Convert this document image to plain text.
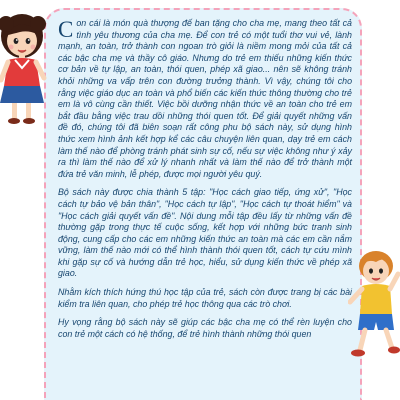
Con cái là món quà thượng đế ban tặng cho cha mẹ, mang theo tất cả tình yêu thương của cha mẹ. Để con trẻ có một tuổi thơ vui vẻ, lành mạnh, an toàn, trở thành con ngoan trò giỏi là niềm mong mỏi của tất cả các bậc cha mẹ và thầy cô giáo. Nhưng do trẻ em thiếu những kiến thức cơ bản về tự lập, an toàn, thói quen, phép xã giao... nên sẽ không tránh khỏi những va vấp trên con đường trưởng thành. Vì vậy, chúng tôi cho rằng việc giáo dục an toàn và phổ biến các kiến thức thông thường cho trẻ em là vô cùng cần thiết. Việc bồi dưỡng nhận thức về an toàn cho trẻ em bắt đầu bằng việc trau dồi những thói quen tốt. Để giải quyết những vấn đề đó, chúng tôi đã biên soạn rất công phu bộ sách này, sử dụng hình thức xem hình ảnh kết hợp kể các câu chuyện liên quan, dạy trẻ em cách làm thế nào để phòng tránh phát sinh sự cố, nếu sự việc không như ý xảy ra thì làm thế nào để xử lý nhanh nhất và làm thế nào để trở thành một đứa trẻ văn minh, lễ phép, được mọi người yêu quý.

Bộ sách này được chia thành 5 tập: "Học cách giao tiếp, ứng xử", "Học cách tự bảo vệ bản thân", "Học cách tự lập", "Học cách tự thoát hiểm" và "Học cách giải quyết vấn đề". Nội dung mỗi tập đều lấy từ những vấn đề thường gặp trong thực tế cuộc sống, kết hợp với những bức tranh sinh động, cung cấp cho các em những kiến thức an toàn mà các em cần nắm vững, làm thế nào mới có thể hình thành thói quen tốt, cách tự cứu mình khi gặp sự cố và hướng dẫn trẻ học, hiểu, sử dụng kiến thức về phép xã giao.

Nhằm kích thích hứng thú học tập của trẻ, sách còn được trang bị các bài kiểm tra liên quan, cho phép trẻ học thông qua các trò chơi.

Hy vọng rằng bộ sách này sẽ giúp các bậc cha mẹ có thể rèn luyện cho con trẻ một cách có hệ thống, để trẻ hình thành những thói quen
